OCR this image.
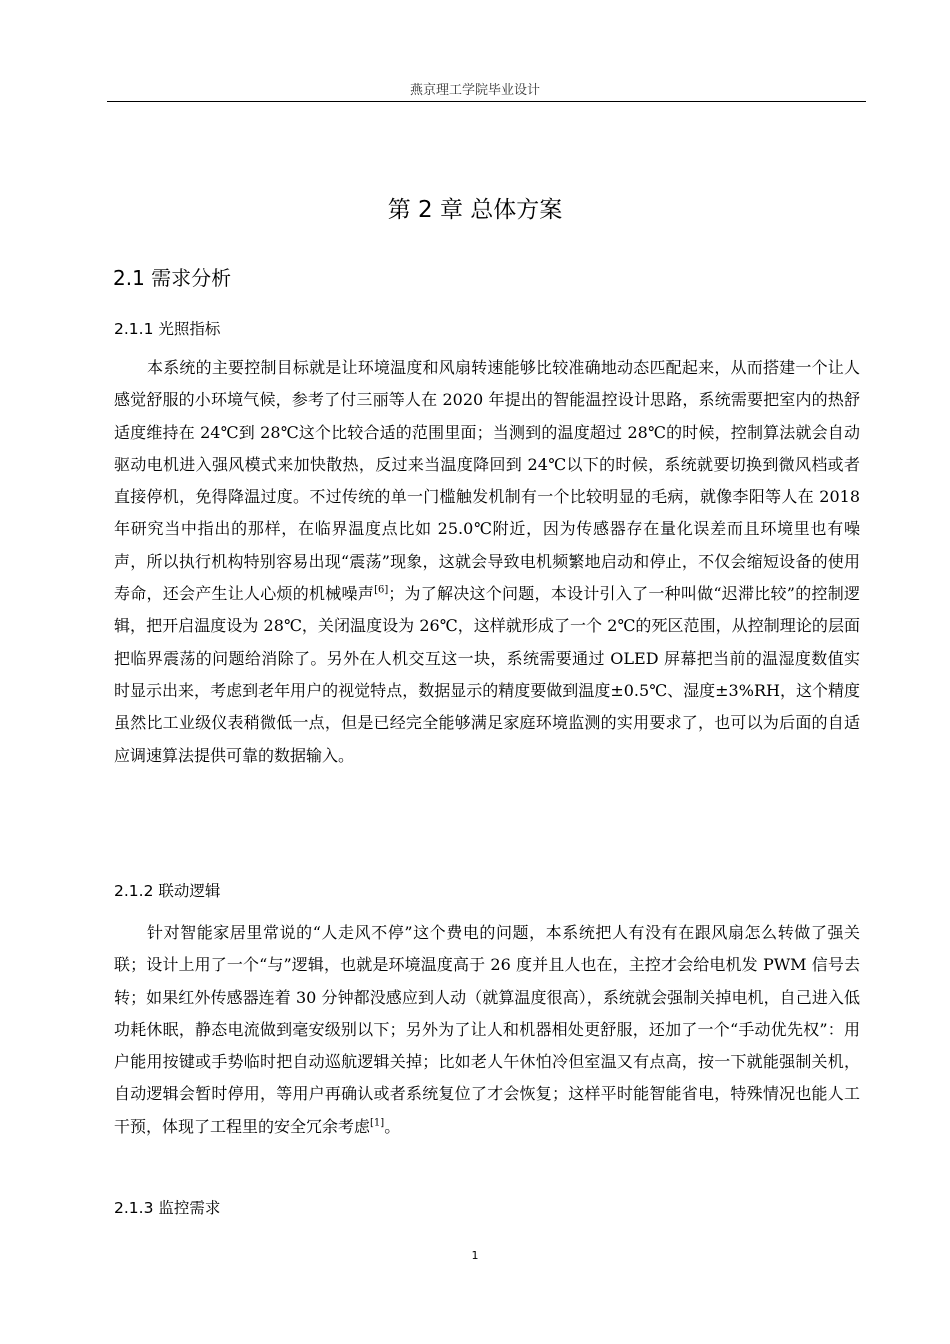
燕京理工学院毕业设计
第 2 章 总体方案
2.1 需求分析
2.1.1 光照指标

本系统的主要控制目标就是让环境温度和风扇转速能够比较准确地动态匹配起来，从而搭建一个让人感觉舒服的小环境气候，参考了付三丽等人在 2020 年提出的智能温控设计思路，系统需要把室内的热舒适度维持在 24℃到 28℃这个比较合适的范围里面；当测到的温度超过 28℃的时候，控制算法就会自动驱动电机进入强风模式来加快散热，反过来当温度降回到 24℃以下的时候，系统就要切换到微风档或者直接停机，免得降温过度。不过传统的单一门槛触发机制有一个比较明显的毛病，就像李阳等人在 2018 年研究当中指出的那样，在临界温度点比如 25.0℃附近，因为传感器存在量化误差而且环境里也有噪声，所以执行机构特别容易出现“震荡”现象，这就会导致电机频繁地启动和停止，不仅会缩短设备的使用寿命，还会产生让人心烦的机械噪声[6]；为了解决这个问题，本设计引入了一种叫做“迟滞比较”的控制逻辑，把开启温度设为 28℃，关闭温度设为 26℃，这样就形成了一个 2℃的死区范围，从控制理论的层面把临界震荡的问题给消除了。另外在人机交互这一块，系统需要通过 OLED 屏幕把当前的温湿度数值实时显示出来，考虑到老年用户的视觉特点，数据显示的精度要做到温度±0.5℃、湿度±3%RH，这个精度虽然比工业级仪表稍微低一点，但是已经完全能够满足家庭环境监测的实用要求了，也可以为后面的自适应调速算法提供可靠的数据输入。

2.1.2 联动逻辑

针对智能家居里常说的“人走风不停”这个费电的问题，本系统把人有没有在跟风扇怎么转做了强关联；设计上用了一个“与”逻辑，也就是环境温度高于 26 度并且人也在，主控才会给电机发 PWM 信号去转；如果红外传感器连着 30 分钟都没感应到人动（就算温度很高），系统就会强制关掉电机，自己进入低功耗休眠，静态电流做到毫安级别以下；另外为了让人和机器相处更舒服，还加了一个“手动优先权”：用户能用按键或手势临时把自动巡航逻辑关掉；比如老人午休怕冷但室温又有点高，按一下就能强制关机，自动逻辑会暂时停用，等用户再确认或者系统复位了才会恢复；这样平时能智能省电，特殊情况也能人工干预，体现了工程里的安全冗余考虑[1]。

2.1.3 监控需求
1
